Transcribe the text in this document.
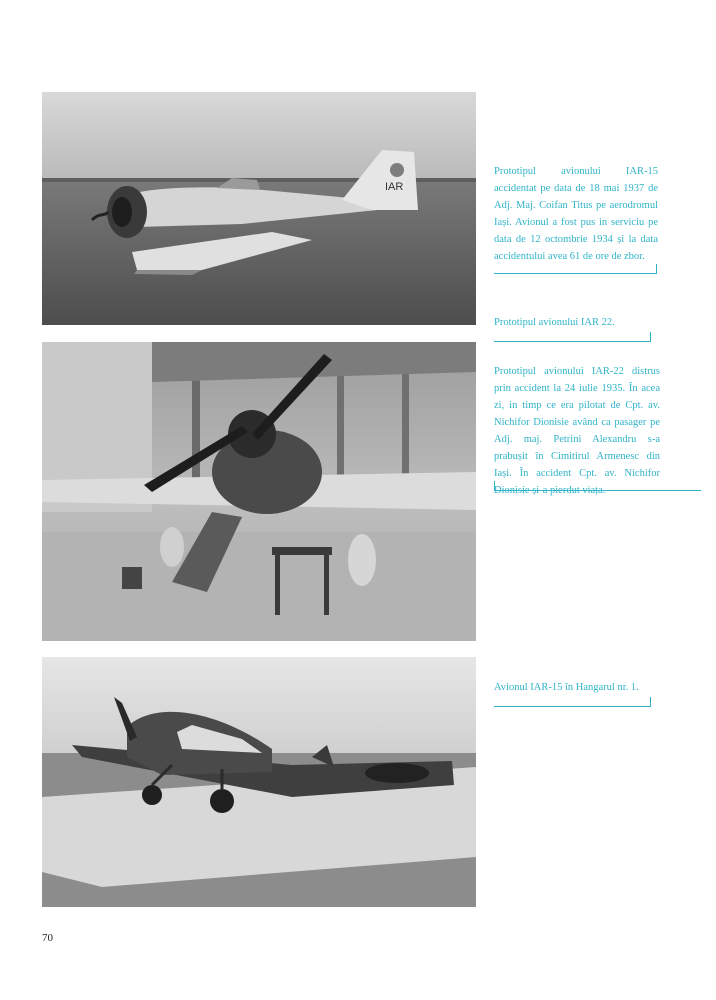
IAR
Prototipul avionului IAR-15 accidentat pe data de 18 mai 1937 de Adj. Maj. Coifan Titus pe aerodromul Iași. Avionul a fost pus in serviciu pe data de 12 octombrie 1934 și la data accidentului avea 61 de ore de zbor.
Prototipul avionului IAR 22.
Prototipul avionului IAR-22 distrus prin accident la 24 iulie 1935. În acea zi, in timp ce era pilotat de Cpt. av. Nichifor Dionisie având ca pasager pe Adj. maj. Petrini Alexandru s-a prabușit în Cimitirul Armenesc din Iași. În accident Cpt. av. Nichifor Dionisie și-a pierdut viața.
Avionul IAR-15 în Hangarul nr. 1.
70
